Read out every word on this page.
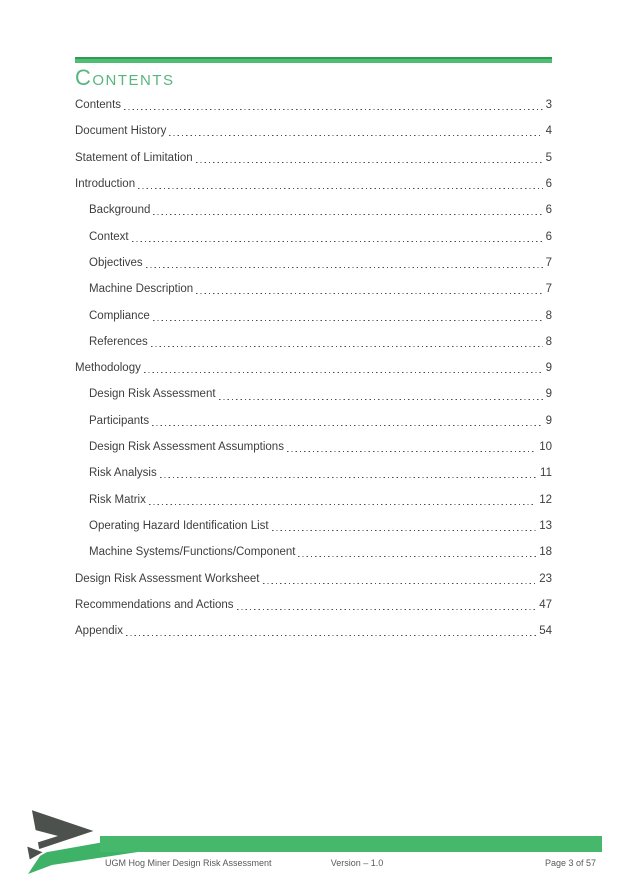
CONTENTS
Contents	3
Document History	4
Statement of Limitation	5
Introduction	6
Background	6
Context	6
Objectives	7
Machine Description	7
Compliance	8
References	8
Methodology	9
Design Risk Assessment	9
Participants	9
Design Risk Assessment Assumptions	10
Risk Analysis	11
Risk Matrix	12
Operating Hazard Identification List	13
Machine Systems/Functions/Component	18
Design Risk Assessment Worksheet	23
Recommendations and Actions	47
Appendix	54
UGM Hog Miner Design Risk Assessment	Version – 1.0	Page 3 of 57
